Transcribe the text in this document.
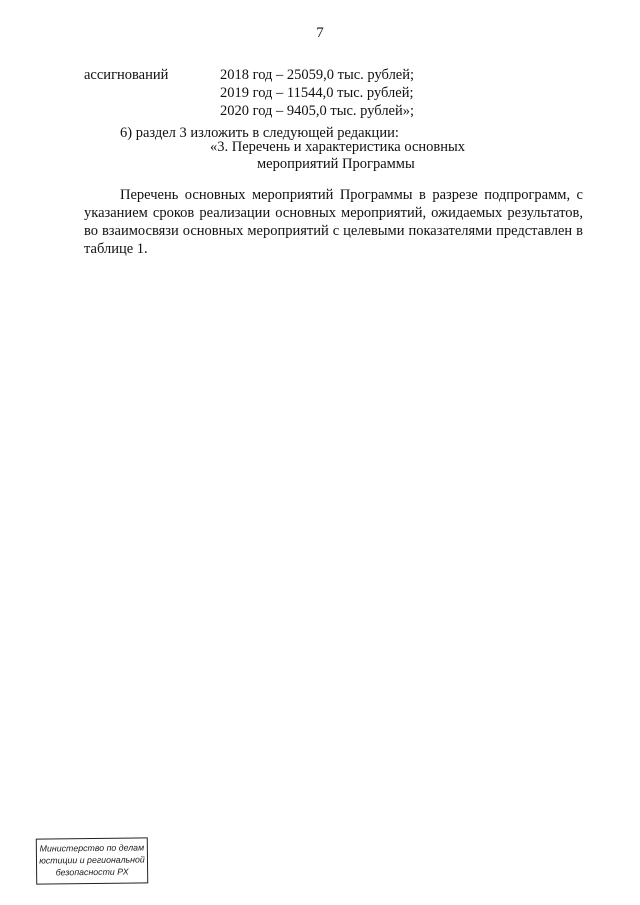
7
ассигнований	2018 год – 25059,0 тыс. рублей;
2019 год – 11544,0 тыс. рублей;
2020 год – 9405,0 тыс. рублей»;
6) раздел 3 изложить в следующей редакции:
«3. Перечень и характеристика основных
мероприятий Программы

Перечень основных мероприятий Программы в разрезе подпрограмм, с указанием сроков реализации основных мероприятий, ожидаемых результатов, во взаимосвязи основных мероприятий с целевыми показателями представлен в таблице 1.

Министерство по делам
юстиции и региональной
безопасности РХ
